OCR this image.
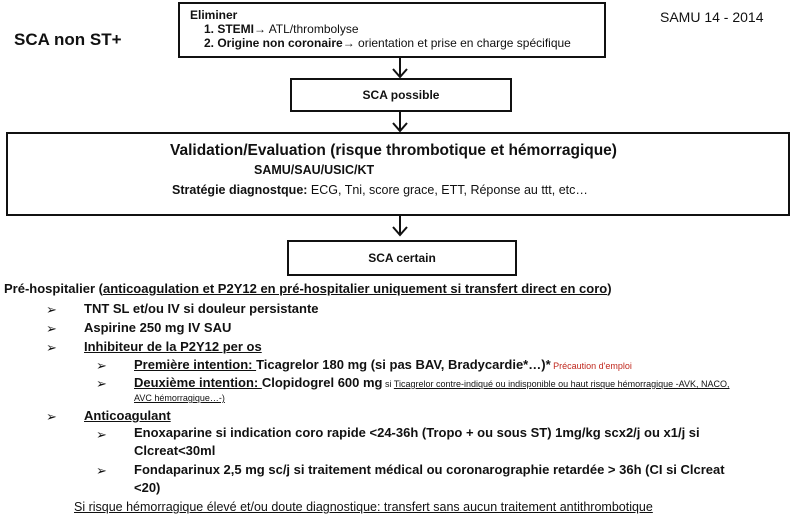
SCA non ST+
SAMU 14 - 2014
Eliminer
1. STEMI→ ATL/thrombolyse
2. Origine non coronaire→ orientation et prise en charge spécifique
SCA possible
Validation/Evaluation (risque thrombotique et hémorragique)
SAMU/SAU/USIC/KT
Stratégie diagnostque: ECG, Tni, score grace, ETT, Réponse au ttt, etc…
SCA certain
Pré-hospitalier (anticoagulation et P2Y12 en pré-hospitalier uniquement si transfert direct en coro)
➢ TNT SL et/ou IV si douleur persistante
➢ Aspirine 250 mg IV SAU
➢ Inhibiteur de la P2Y12 per os
➢ Première intention: Ticagrelor 180 mg (si pas BAV, Bradycardie*…)* Précaution d'emploi
➢ Deuxième intention: Clopidogrel 600 mg si Ticagrelor contre-indiqué ou indisponible ou haut risque hémorragique -AVK, NACO,
AVC hémorragique…-)
➢ Anticoagulant
➢ Enoxaparine si indication coro rapide <24-36h (Tropo + ou sous ST) 1mg/kg scx2/j ou x1/j si
Clcreat<30ml
➢ Fondaparinux 2,5 mg sc/j si traitement médical ou coronarographie retardée > 36h (CI si Clcreat
<20)
Si risque hémorragique élevé et/ou doute diagnostique: transfert sans aucun traitement antithrombotique
